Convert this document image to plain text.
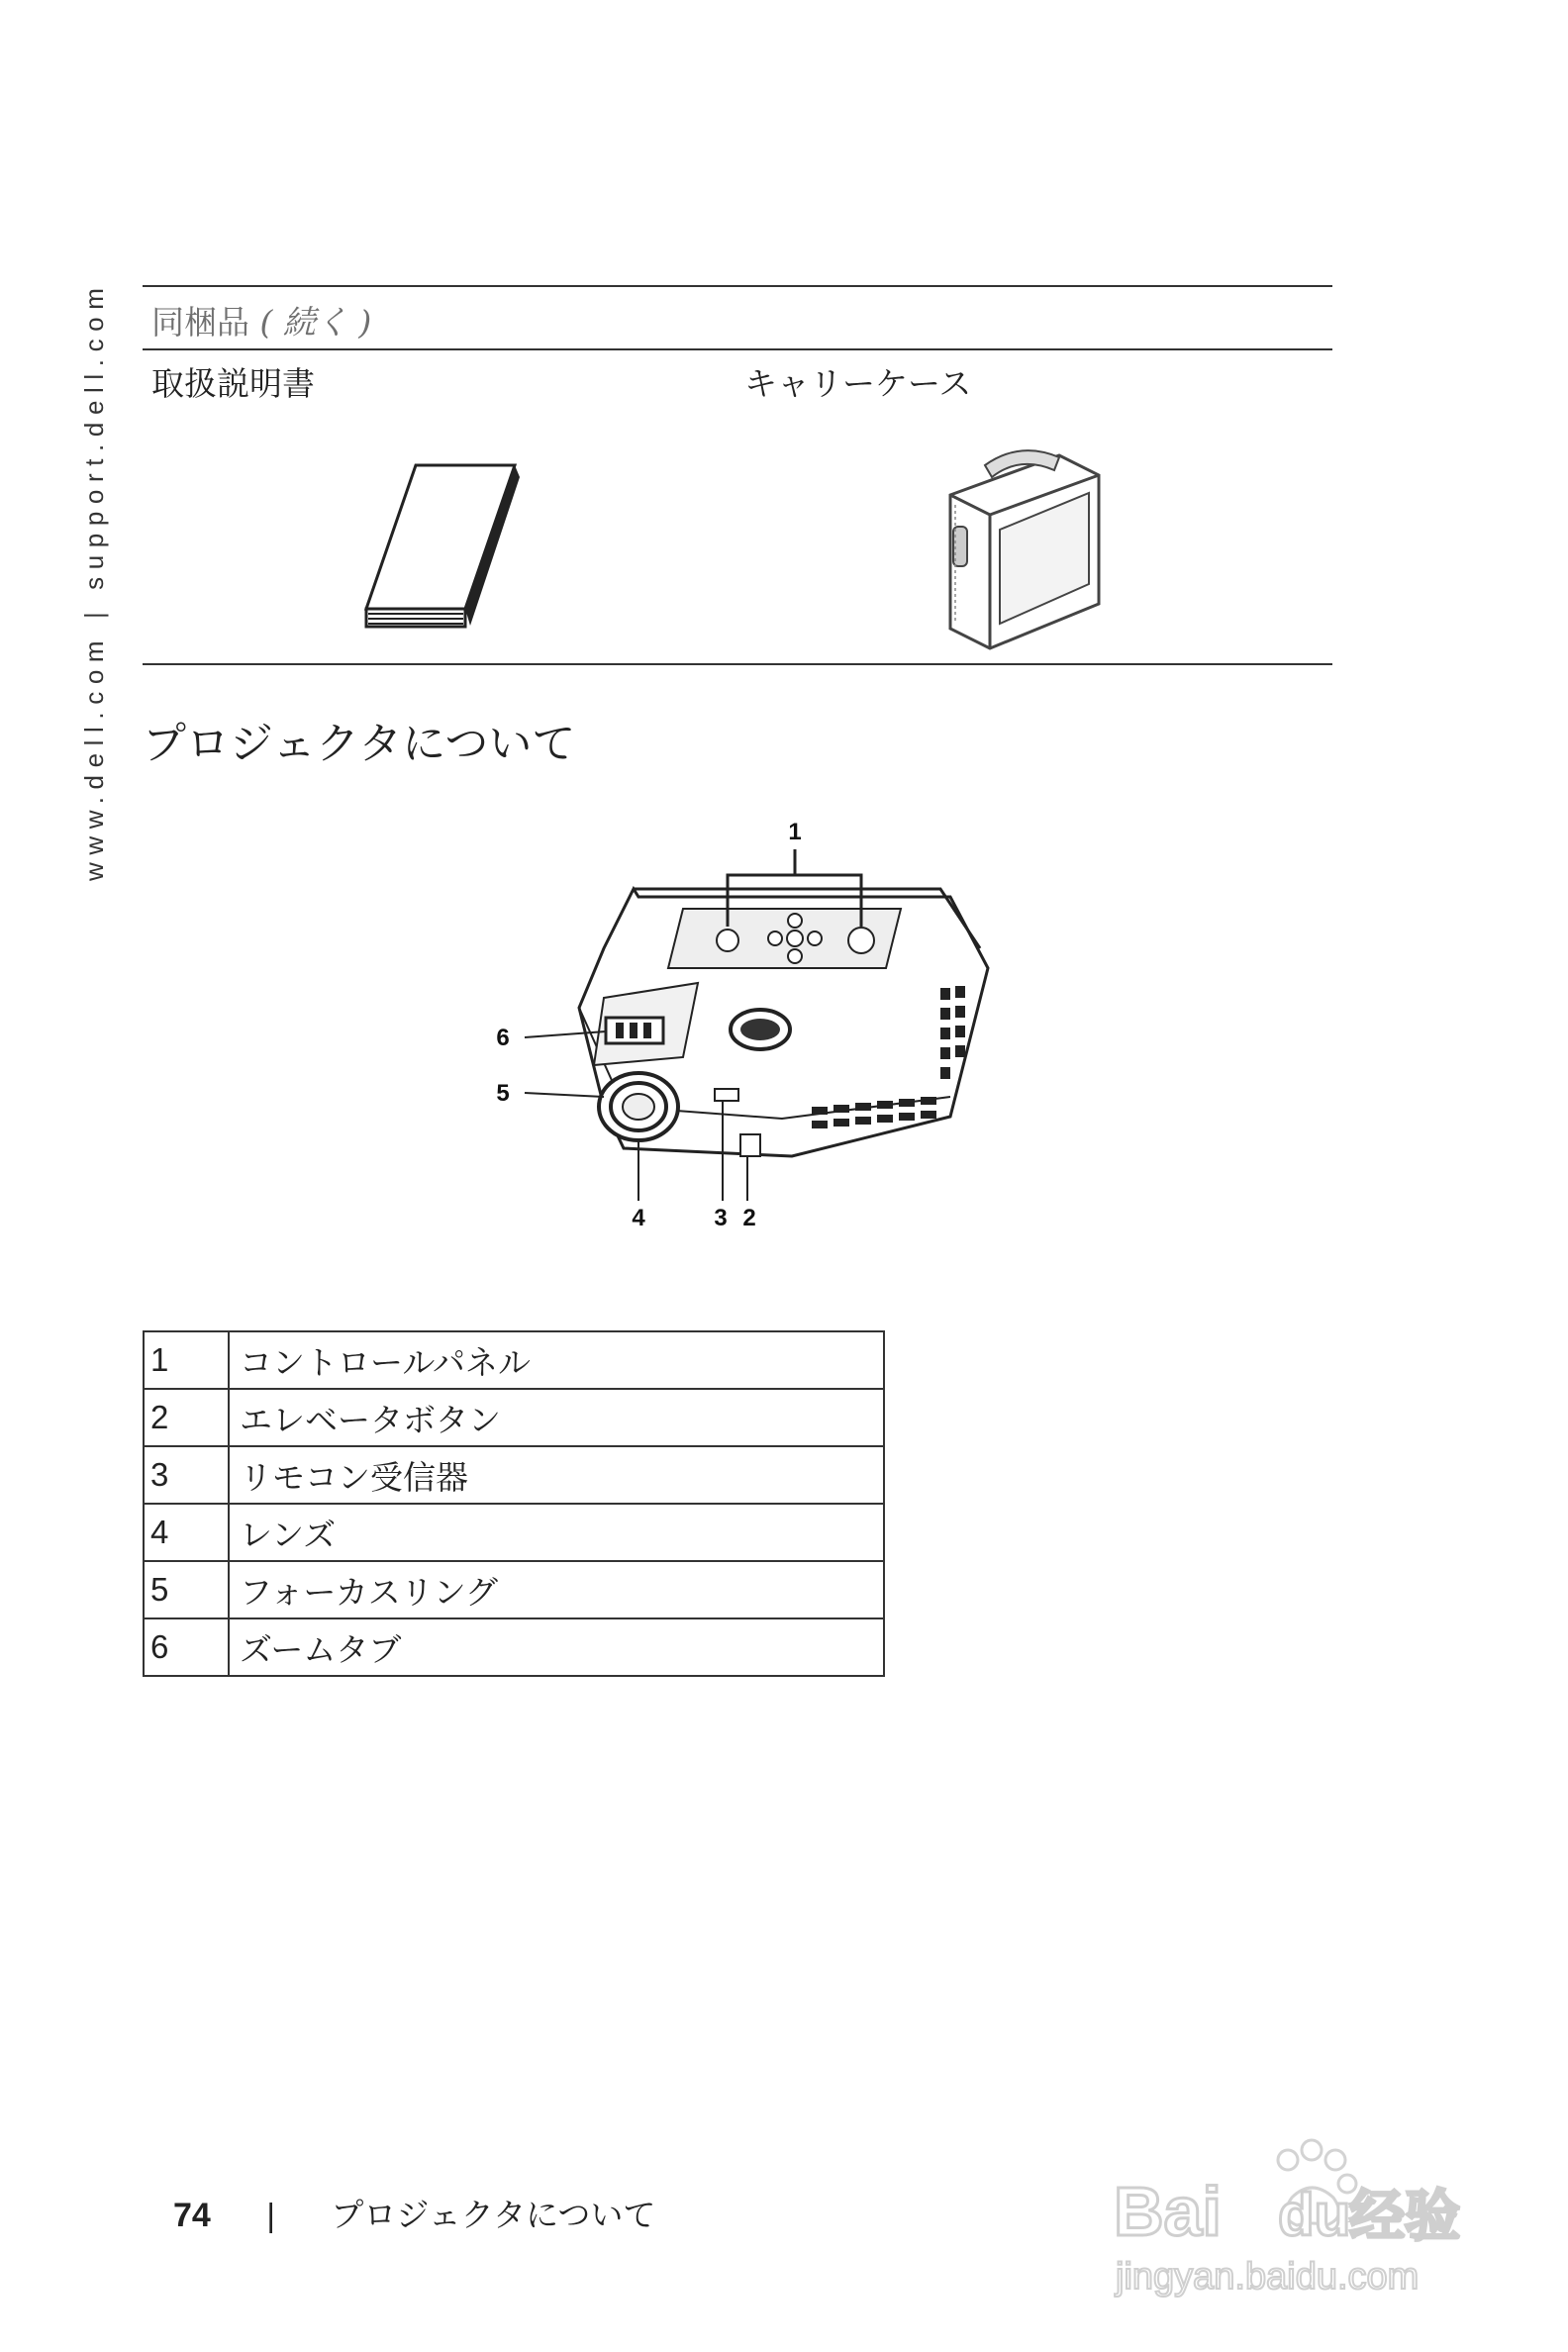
www.dell.com | support.dell.com	同梱品 ( 続く )
取扱説明書	キャリーケース
プロジェクタについて
1
2
3
4
5
6
1	コントロールパネル
2	エレベータボタン
3	リモコン受信器
4	レンズ
5	フォーカスリング
6	ズームタブ
74 | プロジェクタについて	Bai du
经验
jingyan.baidu.com
